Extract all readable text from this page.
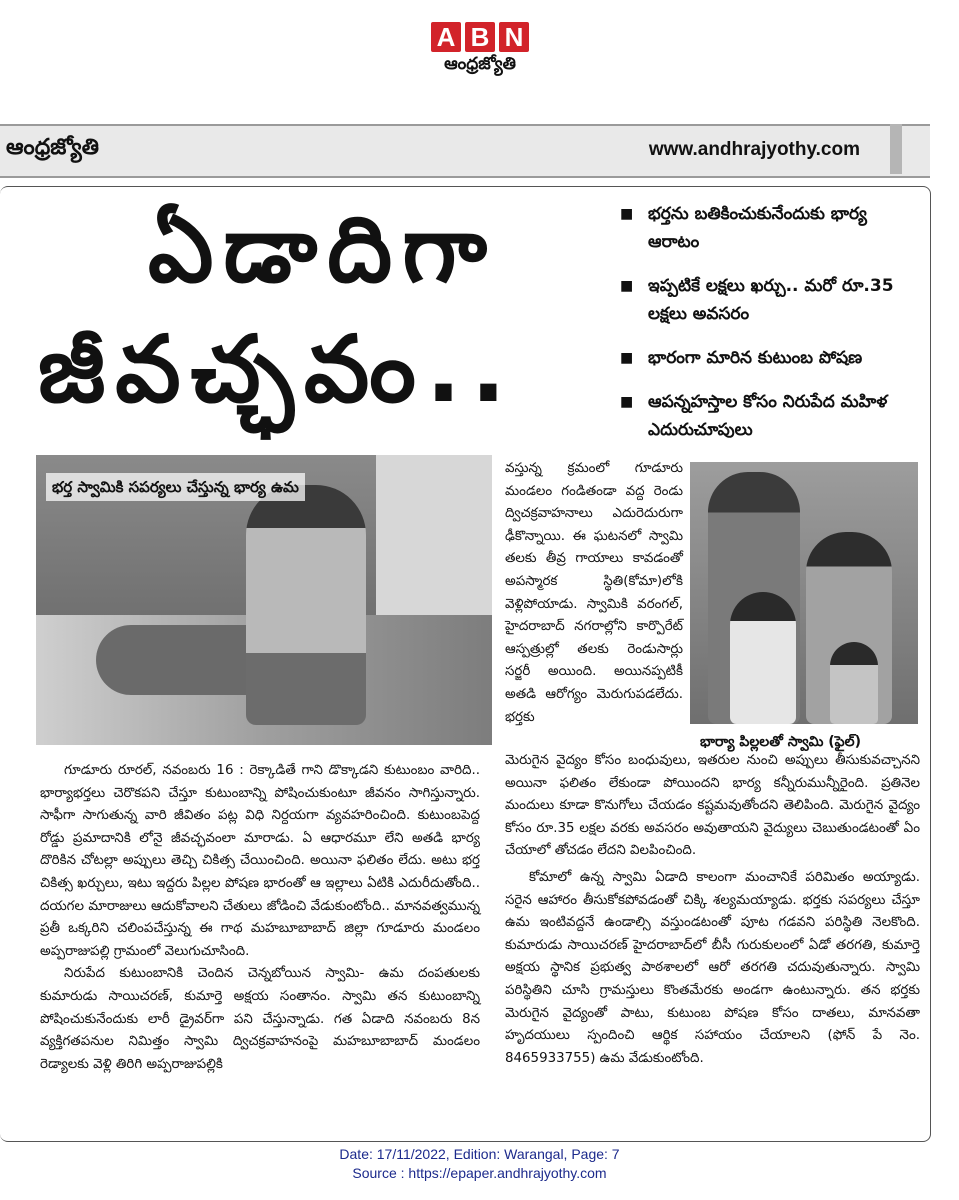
A B N
ఆంధ్రజ్యోతి
ఆంధ్రజ్యోతి	www.andhrajyothy.com
ఏడాదిగా
జీవచ్ఛవం..
■ భర్తను బతికించుకునేందుకు భార్య ఆరాటం
■ ఇప్పటికే లక్షలు ఖర్చు.. మరో రూ.35 లక్షలు అవసరం
■ భారంగా మారిన కుటుంబ పోషణ
■ ఆపన్నహస్తాల కోసం నిరుపేద మహిళ ఎదురుచూపులు
భర్త స్వామికి సపర్యలు చేస్తున్న భార్య ఉమ
భార్యా పిల్లలతో స్వామి (ఫైల్)

వస్తున్న క్రమంలో గూడూరు మండలం గండితండా వద్ద రెండు ద్విచక్రవాహనాలు ఎదురెదురుగా ఢీకొన్నాయి. ఈ ఘటనలో స్వామి తలకు తీవ్ర గాయాలు కావడంతో అపస్మారక స్థితి(కోమా)లోకి వెళ్లిపోయాడు. స్వామికి వరంగల్‌, హైదరాబాద్‌ నగరాల్లోని కార్పొరేట్‌ ఆస్పత్రుల్లో తలకు రెండుసార్లు సర్జరీ అయింది. అయినప్పటికీ అతడి ఆరోగ్యం మెరుగుపడలేదు. భర్తకు

గూడూరు రూరల్‌, నవంబరు 16 : రెక్కాడితే గాని డొక్కాడని కుటుంబం వారిది.. భార్యాభర్తలు చెరొకపని చేస్తూ కుటుంబాన్ని పోషించుకుంటూ జీవనం సాగిస్తున్నారు. సాఫీగా సాగుతున్న వారి జీవితం పట్ల విధి నిర్దయగా వ్యవహరించింది. కుటుంబపెద్ద రోడ్డు ప్రమాదానికి లోనై జీవచ్ఛవంలా మారాడు. ఏ ఆధారమూ లేని అతడి భార్య దొరికిన చోటల్లా అప్పులు తెచ్చి చికిత్స చేయించింది. అయినా ఫలితం లేదు. అటు భర్త చికిత్స ఖర్చులు, ఇటు ఇద్దరు పిల్లల పోషణ భారంతో ఆ ఇల్లాలు ఏటికి ఎదురీదుతోంది.. దయగల మారాజులు ఆదుకోవాలని చేతులు జోడించి వేడుకుంటోంది.. మానవత్వమున్న ప్రతీ ఒక్కరిని చలింపచేస్తున్న ఈ గాథ మహబూబాబాద్‌ జిల్లా గూడూరు మండలం అప్పరాజుపల్లి గ్రామంలో వెలుగుచూసింది.

నిరుపేద కుటుంబానికి చెందిన చెన్నబోయిన స్వామి- ఉమ దంపతులకు కుమారుడు సాయిచరణ్‌, కుమార్తె అక్షయ సంతానం. స్వామి తన కుటుంబాన్ని పోషించుకునేందుకు లారీ డ్రైవర్‌గా పని చేస్తున్నాడు. గత ఏడాది నవంబరు 8న వ్యక్తిగతపనుల నిమిత్తం స్వామి ద్విచక్రవాహనంపై మహబూబాబాద్‌ మండలం రెడ్యాలకు వెళ్లి తిరిగి అప్పరాజుపల్లికి

మెరుగైన వైద్యం కోసం బంధువులు, ఇతరుల నుంచి అప్పులు తీసుకువచ్చానని అయినా ఫలితం లేకుండా పోయిందని భార్య కన్నీరుమున్నీరైంది. ప్రతినెల మందులు కూడా కొనుగోలు చేయడం కష్టమవుతోందని తెలిపింది. మెరుగైన వైద్యం కోసం రూ.35 లక్షల వరకు అవసరం అవుతాయని వైద్యులు చెబుతుండటంతో ఏం చేయాలో తోచడం లేదని విలపించింది.

కోమాలో ఉన్న స్వామి ఏడాది కాలంగా మంచానికే పరిమితం అయ్యాడు. సరైన ఆహారం తీసుకోకపోవడంతో చిక్కి శల్యమయ్యాడు. భర్తకు సపర్యలు చేస్తూ ఉమ ఇంటివద్దనే ఉండాల్సి వస్తుండటంతో పూట గడవని పరిస్థితి నెలకొంది. కుమారుడు సాయిచరణ్‌ హైదరాబాద్‌లో బీసీ గురుకులంలో ఏడో తరగతి, కుమార్తె అక్షయ స్థానిక ప్రభుత్వ పాఠశాలలో ఆరో తరగతి చదువుతున్నారు. స్వామి పరిస్థితిని చూసి గ్రామస్తులు కొంతమేరకు అండగా ఉంటున్నారు. తన భర్తకు మెరుగైన వైద్యంతో పాటు, కుటుంబ పోషణ కోసం దాతలు, మానవతా హృదయులు స్పందించి ఆర్థిక సహాయం చేయాలని (ఫోన్‌ పే నెం. 8465933755) ఉమ వేడుకుంటోంది.

Date: 17/11/2022, Edition: Warangal, Page: 7
Source : https://epaper.andhrajyothy.com
